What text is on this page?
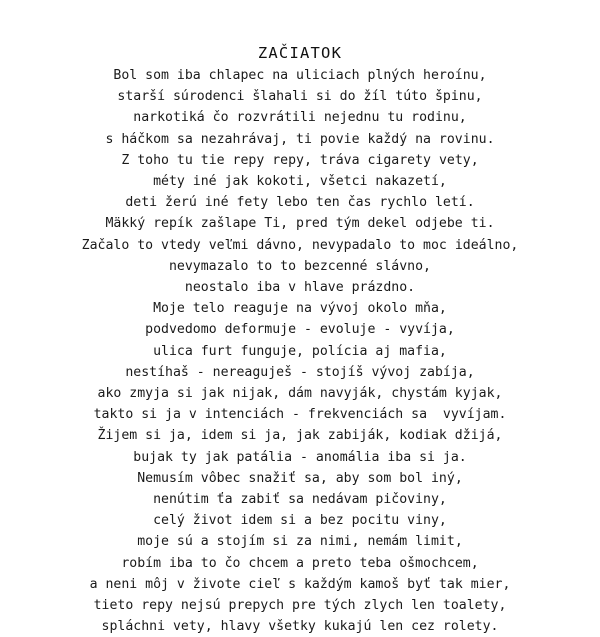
ZAČIATOK
Bol som iba chlapec na uliciach plných heroínu,
starší súrodenci šlahali si do žíl túto špinu,
narkotiká čo rozvrátili nejednu tu rodinu,
s háčkom sa nezahrávaj, ti povie každý na rovinu.
Z toho tu tie repy repy, tráva cigarety vety,
méty iné jak kokoti, všetci nakazetí,
deti žerú iné fety lebo ten čas rychlo letí.
Mäkký repík zašlape Ti, pred tým dekel odjebe ti.
Začalo to vtedy veľmi dávno, nevypadalo to moc ideálno,
nevymazalo to to bezcenné slávno,
neostalo iba v hlave prázdno.
Moje telo reaguje na vývoj okolo mňa,
podvedomo deformuje - evoluje - vyvíja,
ulica furt funguje, polícia aj mafia,
nestíhaš - nereaguješ - stojíš vývoj zabíja,
ako zmyja si jak nijak, dám navyják, chystám kyjak,
takto si ja v intenciách - frekvenciách sa  vyvíjam.
Žijem si ja, idem si ja, jak zabiják, kodiak džijá,
bujak ty jak patália - anomália iba si ja.
Nemusím vôbec snažiť sa, aby som bol iný,
nenútim ťa zabiť sa nedávam pičoviny,
celý život idem si a bez pocitu viny,
moje sú a stojím si za nimi, nemám limit,
robím iba to čo chcem a preto teba ošmochcem,
a neni môj v živote cieľ s každým kamoš byť tak mier,
tieto repy nejsú prepych pre tých zlych len toalety,
spláchni vety, hlavy všetky kukajú len cez rolety.
